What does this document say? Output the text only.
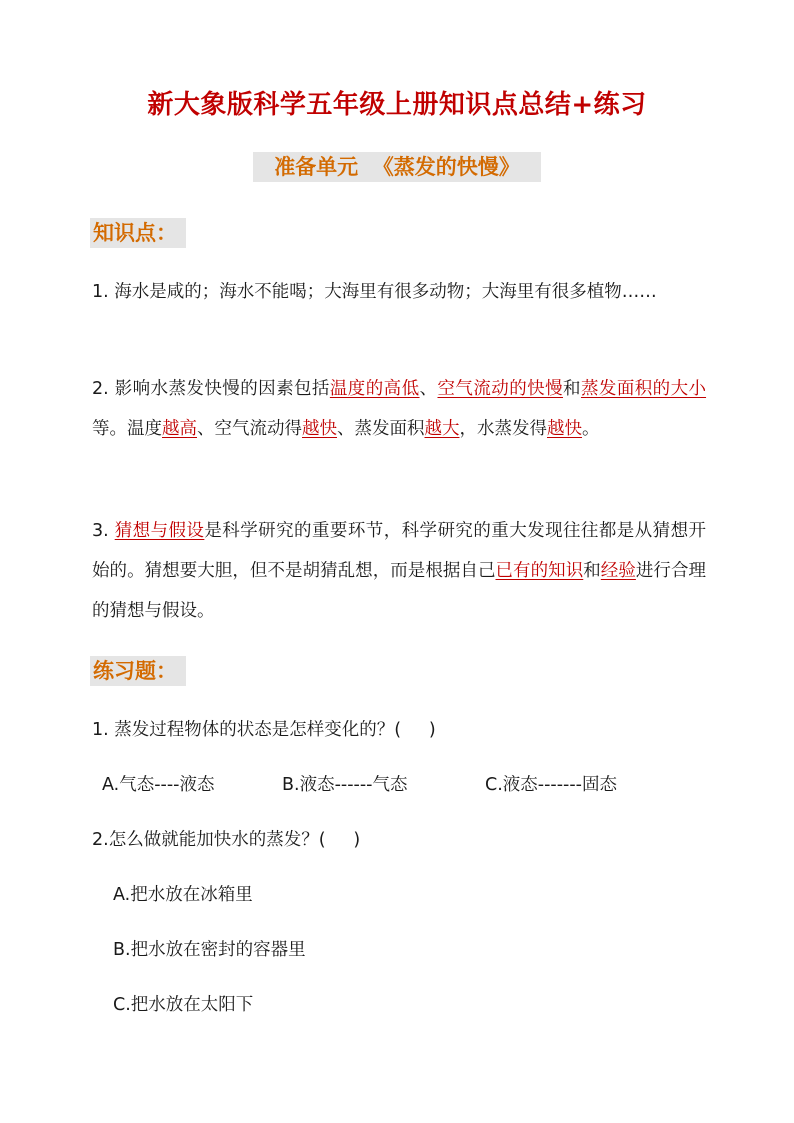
新大象版科学五年级上册知识点总结+练习
准备单元  《蒸发的快慢》
知识点：
1. 海水是咸的；海水不能喝；大海里有很多动物；大海里有很多植物……
2. 影响水蒸发快慢的因素包括温度的高低、空气流动的快慢和蒸发面积的大小等。温度越高、空气流动得越快、蒸发面积越大，水蒸发得越快。
3. 猜想与假设是科学研究的重要环节，科学研究的重大发现往往都是从猜想开始的。猜想要大胆，但不是胡猜乱想，而是根据自己已有的知识和经验进行合理的猜想与假设。
练习题：
1. 蒸发过程物体的状态是怎样变化的？(     )
A.气态----液态	B.液态------气态	C.液态-------固态
2.怎么做就能加快水的蒸发？(     )
A.把水放在冰箱里
B.把水放在密封的容器里
C.把水放在太阳下
